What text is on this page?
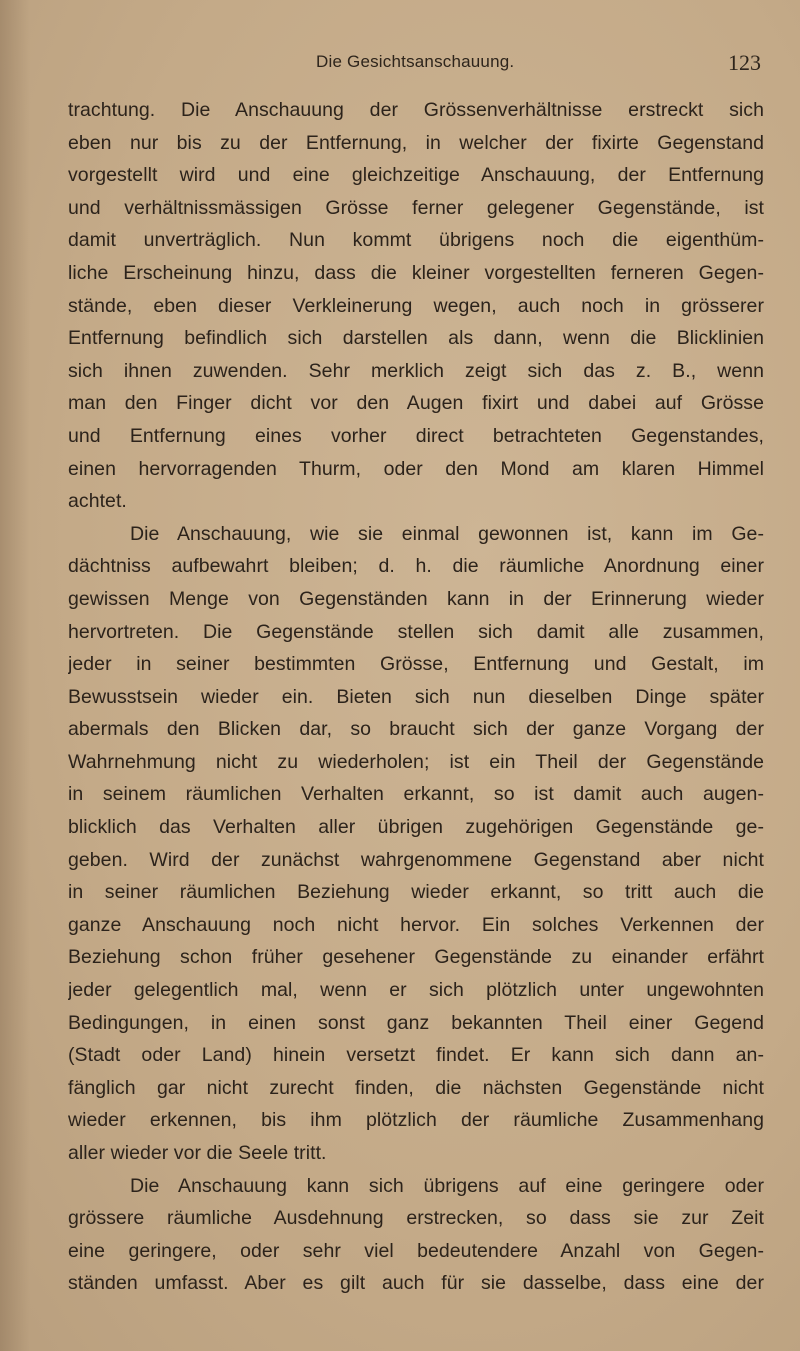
Die Gesichtsanschauung.	123
trachtung. Die Anschauung der Grössenverhältnisse erstreckt sich
eben nur bis zu der Entfernung, in welcher der fixirte Gegenstand
vorgestellt wird und eine gleichzeitige Anschauung, der Entfernung
und verhältnissmässigen Grösse ferner gelegener Gegenstände, ist
damit unverträglich. Nun kommt übrigens noch die eigenthüm-
liche Erscheinung hinzu, dass die kleiner vorgestellten ferneren Gegen-
stände, eben dieser Verkleinerung wegen, auch noch in grösserer
Entfernung befindlich sich darstellen als dann, wenn die Blicklinien
sich ihnen zuwenden. Sehr merklich zeigt sich das z. B., wenn
man den Finger dicht vor den Augen fixirt und dabei auf Grösse
und Entfernung eines vorher direct betrachteten Gegenstandes,
einen hervorragenden Thurm, oder den Mond am klaren Himmel
achtet.
Die Anschauung, wie sie einmal gewonnen ist, kann im Ge-
dächtniss aufbewahrt bleiben; d. h. die räumliche Anordnung einer
gewissen Menge von Gegenständen kann in der Erinnerung wieder
hervortreten. Die Gegenstände stellen sich damit alle zusammen,
jeder in seiner bestimmten Grösse, Entfernung und Gestalt, im
Bewusstsein wieder ein. Bieten sich nun dieselben Dinge später
abermals den Blicken dar, so braucht sich der ganze Vorgang der
Wahrnehmung nicht zu wiederholen; ist ein Theil der Gegenstände
in seinem räumlichen Verhalten erkannt, so ist damit auch augen-
blicklich das Verhalten aller übrigen zugehörigen Gegenstände ge-
geben. Wird der zunächst wahrgenommene Gegenstand aber nicht
in seiner räumlichen Beziehung wieder erkannt, so tritt auch die
ganze Anschauung noch nicht hervor. Ein solches Verkennen der
Beziehung schon früher gesehener Gegenstände zu einander erfährt
jeder gelegentlich mal, wenn er sich plötzlich unter ungewohnten
Bedingungen, in einen sonst ganz bekannten Theil einer Gegend
(Stadt oder Land) hinein versetzt findet. Er kann sich dann an-
fänglich gar nicht zurecht finden, die nächsten Gegenstände nicht
wieder erkennen, bis ihm plötzlich der räumliche Zusammenhang
aller wieder vor die Seele tritt.
Die Anschauung kann sich übrigens auf eine geringere oder
grössere räumliche Ausdehnung erstrecken, so dass sie zur Zeit
eine geringere, oder sehr viel bedeutendere Anzahl von Gegen-
ständen umfasst. Aber es gilt auch für sie dasselbe, dass eine der
